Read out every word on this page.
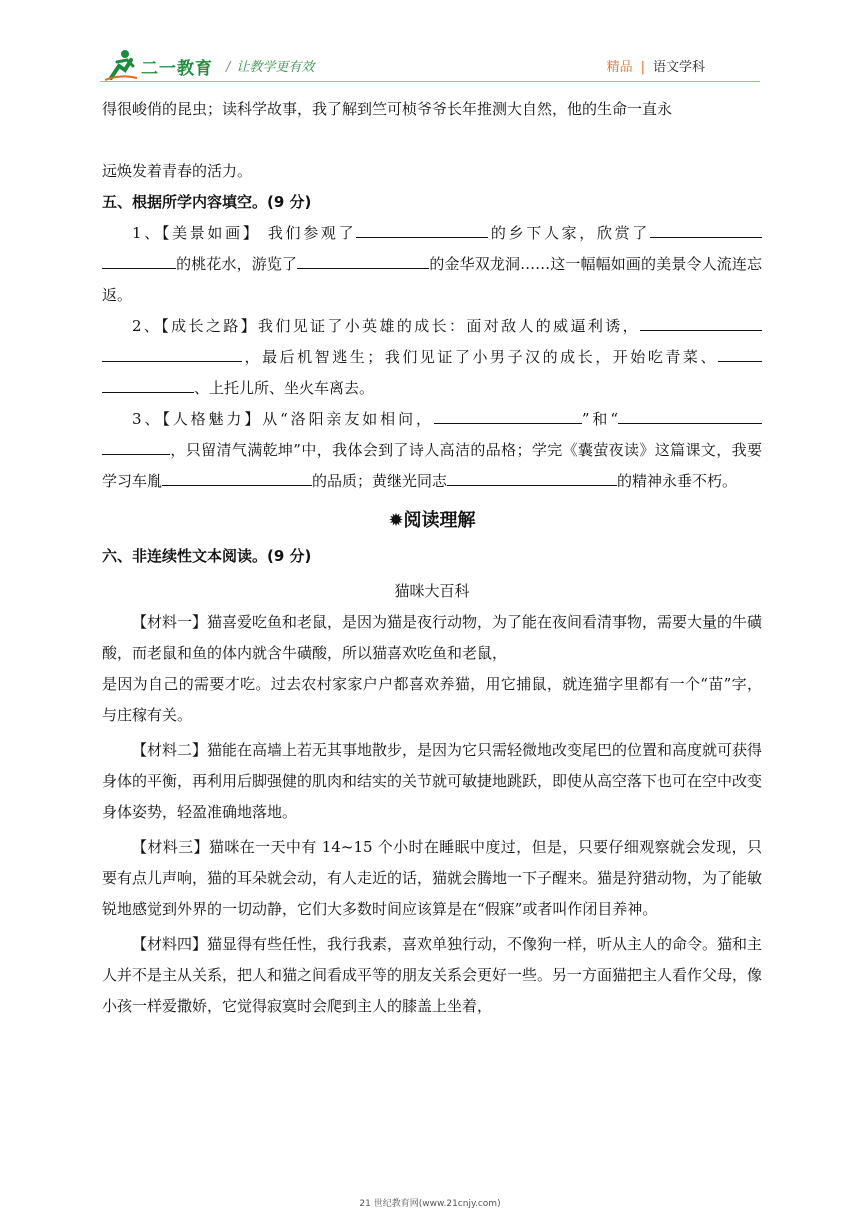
二一教育 / 让教学更有效	精品 | 语文学科

得很峻俏的昆虫；读科学故事，我了解到竺可桢爷爷长年推测大自然，他的生命一直永

远焕发着青春的活力。

五、根据所学内容填空。(9 分)

1、【美景如画】 我们参观了	的乡下人家，欣赏了的桃花水，游览了	的金华双龙洞……这一幅幅如画的美景令人流连忘返。

2、【成长之路】我们见证了小英雄的成长：面对敌人的威逼利诱，，最后机智逃生；我们见证了小男子汉的成长，开始吃青菜、、上托儿所、坐火车离去。

3、【人格魅力】从“洛阳亲友如相问，	”和“，只留清气满乾坤”中，我体会到了诗人高洁的品格；学完《囊萤夜读》这篇课文，我要学习车胤	的品质；黄继光同志	的精神永垂不朽。

✹阅读理解

六、非连续性文本阅读。(9 分)

猫咪大百科

【材料一】猫喜爱吃鱼和老鼠，是因为猫是夜行动物，为了能在夜间看清事物，需要大量的牛磺酸，而老鼠和鱼的体内就含牛磺酸，所以猫喜欢吃鱼和老鼠，

是因为自己的需要才吃。过去农村家家户户都喜欢养猫，用它捕鼠，就连猫字里都有一个“苗”字，与庄稼有关。

【材料二】猫能在高墙上若无其事地散步，是因为它只需轻微地改变尾巴的位置和高度就可获得身体的平衡，再利用后脚强健的肌肉和结实的关节就可敏捷地跳跃，即使从高空落下也可在空中改变身体姿势，轻盈准确地落地。

【材料三】猫咪在一天中有 14~15 个小时在睡眠中度过，但是，只要仔细观察就会发现，只要有点儿声响，猫的耳朵就会动，有人走近的话，猫就会腾地一下子醒来。猫是狩猎动物，为了能敏锐地感觉到外界的一切动静，它们大多数时间应该算是在“假寐”或者叫作闭目养神。

【材料四】猫显得有些任性，我行我素，喜欢单独行动，不像狗一样，听从主人的命令。猫和主人并不是主从关系，把人和猫之间看成平等的朋友关系会更好一些。另一方面猫把主人看作父母，像小孩一样爱撒娇，它觉得寂寞时会爬到主人的膝盖上坐着，

21 世纪教育网(www.21cnjy.com)
